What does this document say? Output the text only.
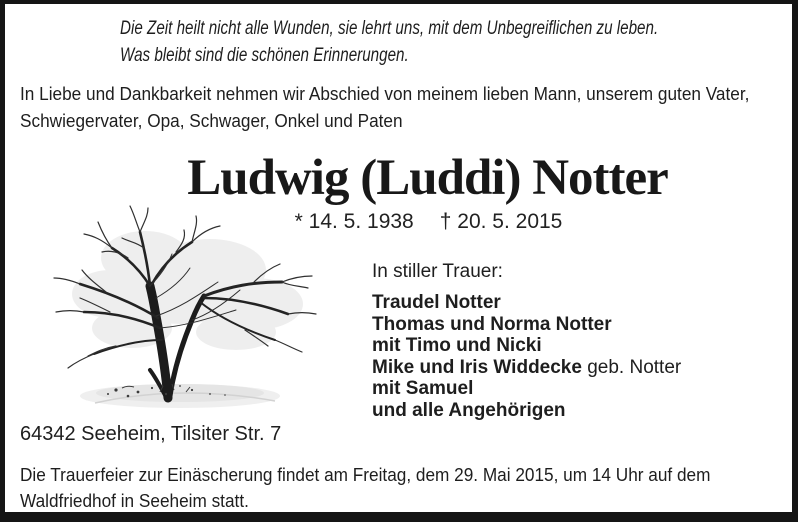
Die Zeit heilt nicht alle Wunden, sie lehrt uns, mit dem Unbegreiflichen zu leben.
Was bleibt sind die schönen Erinnerungen.
In Liebe und Dankbarkeit nehmen wir Abschied von meinem lieben Mann, unserem guten Vater,
Schwiegervater, Opa, Schwager, Onkel und Paten
Ludwig (Luddi) Notter
* 14. 5. 1938 † 20. 5. 2015
In stiller Trauer:
Traudel Notter
Thomas und Norma Notter
mit Timo und Nicki
Mike und Iris Widdecke geb. Notter
mit Samuel
und alle Angehörigen
64342 Seeheim, Tilsiter Str. 7
Die Trauerfeier zur Einäscherung findet am Freitag, dem 29. Mai 2015, um 14 Uhr auf dem
Waldfriedhof in Seeheim statt.
